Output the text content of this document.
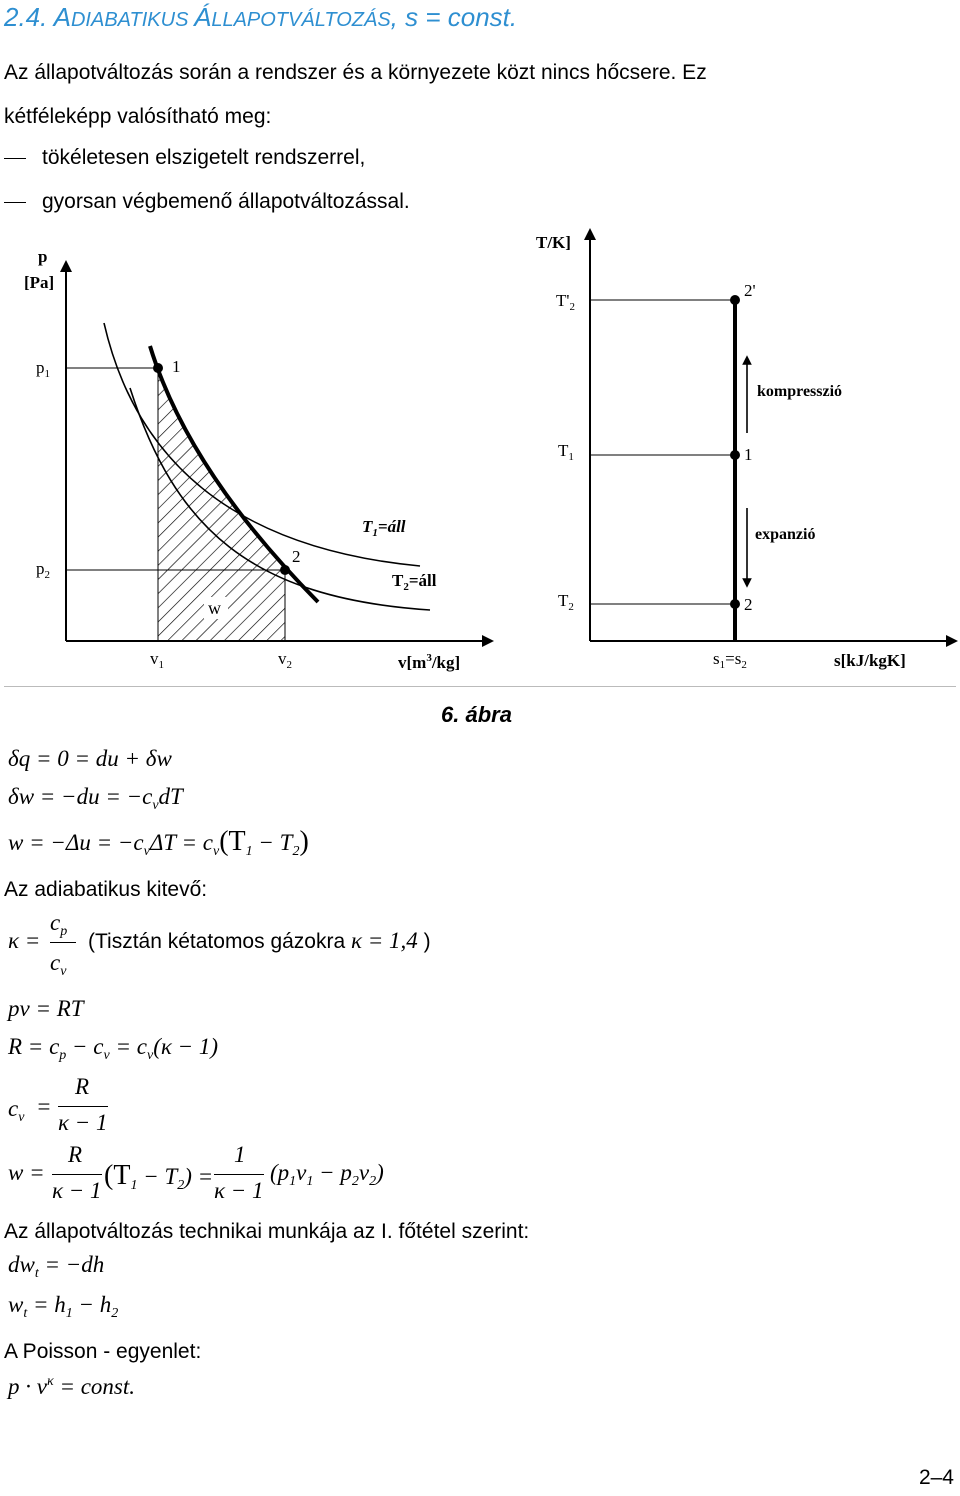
2.4. ADIABATIKUS ÁLLAPOTVÁLTOZÁS, s = const.
Az állapotváltozás során a rendszer és a környezete közt nincs hőcsere. Ez
kétféleképp valósítható meg:
tökéletesen elszigetelt rendszerrel,
gyorsan végbemenő állapotváltozással.
p
[Pa]
$p_1$
$p_2$
$v_1$	$v_2$	$v[m^3/kg]$
1
2
w
$T_1=áll$
$T_2=áll$
T/K]
$T'_2$
$T_1$
$T_2$
2'
1
2
kompresszió
expanzió
$s_1=s_2$	s[kJ/kgK]
6. ábra
δq = 0 = du + δw
$\delta w = -du = -c_vdT$
$w = -\Delta u = -c_v\Delta T = c_v(T_1 - T_2)$
Az adiabatikus kitevő:
κ =
$c_p$
$c_v$
(Tisztán kétatomos gázokra κ = 1,4 )
pv = RT
$R = c_p - c_v = c_v(\kappa - 1)$
$c_v$ =
R
κ − 1
w =
R
κ − 1 $(T_1 - T_2)$ =
1
κ − 1
$(p_1v_1 - p_2v_2)$
Az állapotváltozás technikai munkája az I. főtétel szerint:
$dw_t = -dh$
$w_t = h_1 - h_2$
A Poisson - egyenlet:
$p \cdot v^\kappa$ = const.
2–4
